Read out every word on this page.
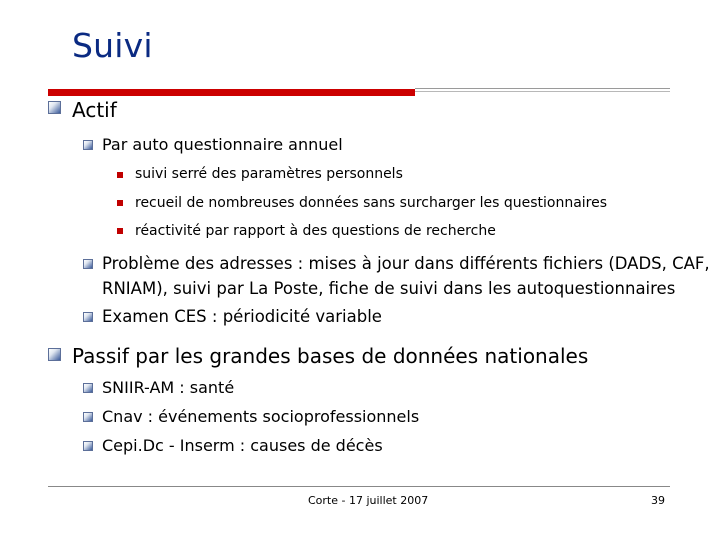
Suivi
Actif
Par auto questionnaire annuel
suivi serré des paramètres personnels
recueil de nombreuses données sans surcharger les questionnaires
réactivité par rapport à des questions de recherche
Problème des adresses : mises à jour dans différents fichiers (DADS, CAF,
RNIAM), suivi par La Poste, fiche de suivi dans les autoquestionnaires
Examen CES : périodicité variable
Passif par les grandes bases de données nationales
SNIIR-AM : santé
Cnav : événements socioprofessionnels
Cepi.Dc - Inserm : causes de décès
Corte - 17 juillet 2007	39
